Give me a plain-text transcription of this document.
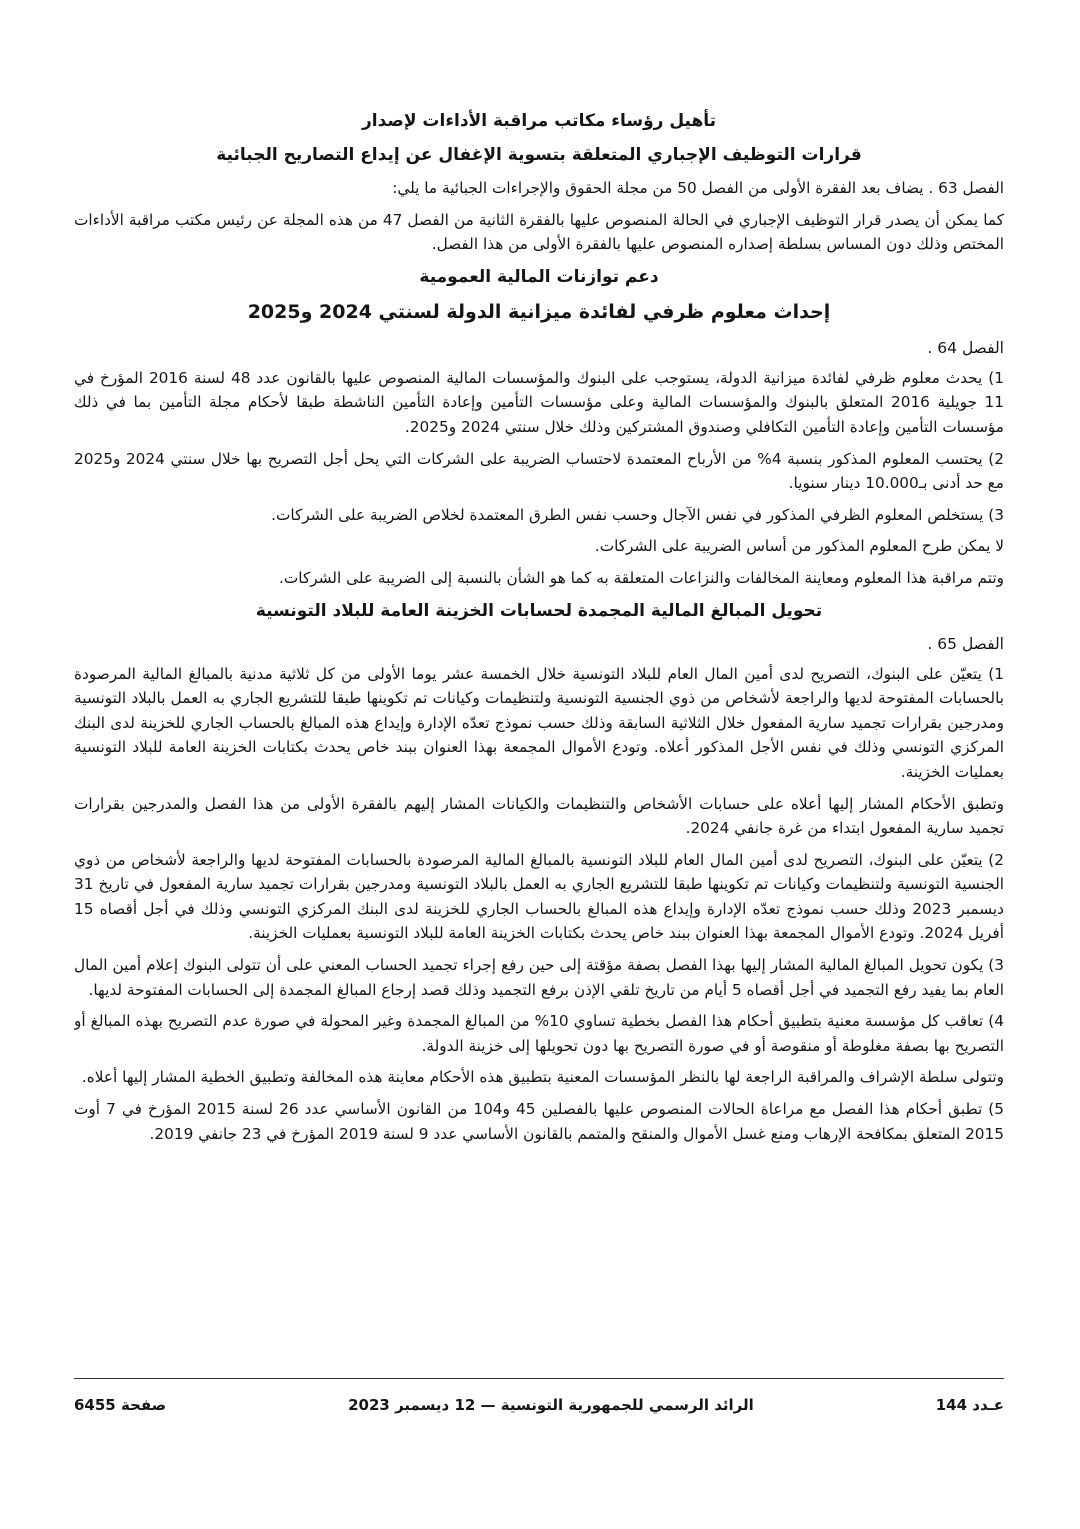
تأهيل رؤساء مكاتب مراقبة الأداءات لإصدار
قرارات التوظيف الإجباري المتعلقة بتسوية الإغفال عن إيداع التصاريح الجبائية

الفصل 63 . يضاف بعد الفقرة الأولى من الفصل 50 من مجلة الحقوق والإجراءات الجبائية ما يلي:

كما يمكن أن يصدر قرار التوظيف الإجباري في الحالة المنصوص عليها بالفقرة الثانية من الفصل 47 من هذه المجلة عن رئيس مكتب مراقبة الأداءات المختص وذلك دون المساس بسلطة إصداره المنصوص عليها بالفقرة الأولى من هذا الفصل.

دعم توازنات المالية العمومية
إحداث معلوم ظرفي لفائدة ميزانية الدولة لسنتي 2024 و2025
الفصل 64 .

1) يحدث معلوم ظرفي لفائدة ميزانية الدولة، يستوجب على البنوك والمؤسسات المالية المنصوص عليها بالقانون عدد 48 لسنة 2016 المؤرخ في 11 جويلية 2016 المتعلق بالبنوك والمؤسسات المالية وعلى مؤسسات التأمين وإعادة التأمين الناشطة طبقا لأحكام مجلة التأمين بما في ذلك مؤسسات التأمين وإعادة التأمين التكافلي وصندوق المشتركين وذلك خلال سنتي 2024 و2025.

2) يحتسب المعلوم المذكور بنسبة 4% من الأرباح المعتمدة لاحتساب الضريبة على الشركات التي يحل أجل التصريح بها خلال سنتي 2024 و2025 مع حد أدنى بـ10.000 دينار سنويا.

3) يستخلص المعلوم الظرفي المذكور في نفس الآجال وحسب نفس الطرق المعتمدة لخلاص الضريبة على الشركات.

لا يمكن طرح المعلوم المذكور من أساس الضريبة على الشركات.

وتتم مراقبة هذا المعلوم ومعاينة المخالفات والنزاعات المتعلقة به كما هو الشأن بالنسبة إلى الضريبة على الشركات.

تحويل المبالغ المالية المجمدة لحسابات الخزينة العامة للبلاد التونسية
الفصل 65 .

1) يتعيّن على البنوك، التصريح لدى أمين المال العام للبلاد التونسية خلال الخمسة عشر يوما الأولى من كل ثلاثية مدنية بالمبالغ المالية المرصودة بالحسابات المفتوحة لديها والراجعة لأشخاص من ذوي الجنسية التونسية ولتنظيمات وكيانات تم تكوينها طبقا للتشريع الجاري به العمل بالبلاد التونسية ومدرجين بقرارات تجميد سارية المفعول خلال الثلاثية السابقة وذلك حسب نموذج تعدّه الإدارة وإيداع هذه المبالغ بالحساب الجاري للخزينة لدى البنك المركزي التونسي وذلك في نفس الأجل المذكور أعلاه. وتودع الأموال المجمعة بهذا العنوان ببند خاص يحدث بكتابات الخزينة العامة للبلاد التونسية بعمليات الخزينة.

وتطبق الأحكام المشار إليها أعلاه على حسابات الأشخاص والتنظيمات والكيانات المشار إليهم بالفقرة الأولى من هذا الفصل والمدرجين بقرارات تجميد سارية المفعول ابتداء من غرة جانفي 2024.

2) يتعيّن على البنوك، التصريح لدى أمين المال العام للبلاد التونسية بالمبالغ المالية المرصودة بالحسابات المفتوحة لديها والراجعة لأشخاص من ذوي الجنسية التونسية ولتنظيمات وكيانات تم تكوينها طبقا للتشريع الجاري به العمل بالبلاد التونسية ومدرجين بقرارات تجميد سارية المفعول في تاريخ 31 ديسمبر 2023 وذلك حسب نموذج تعدّه الإدارة وإيداع هذه المبالغ بالحساب الجاري للخزينة لدى البنك المركزي التونسي وذلك في أجل أقصاه 15 أفريل 2024. وتودع الأموال المجمعة بهذا العنوان ببند خاص يحدث بكتابات الخزينة العامة للبلاد التونسية بعمليات الخزينة.

3) يكون تحويل المبالغ المالية المشار إليها بهذا الفصل بصفة مؤقتة إلى حين رفع إجراء تجميد الحساب المعني على أن تتولى البنوك إعلام أمين المال العام بما يفيد رفع التجميد في أجل أقصاه 5 أيام من تاريخ تلقي الإذن برفع التجميد وذلك قصد إرجاع المبالغ المجمدة إلى الحسابات المفتوحة لديها.

4) تعاقب كل مؤسسة معنية بتطبيق أحكام هذا الفصل بخطية تساوي 10% من المبالغ المجمدة وغير المحولة في صورة عدم التصريح بهذه المبالغ أو التصريح بها بصفة مغلوطة أو منقوصة أو في صورة التصريح بها دون تحويلها إلى خزينة الدولة.

وتتولى سلطة الإشراف والمراقبة الراجعة لها بالنظر المؤسسات المعنية بتطبيق هذه الأحكام معاينة هذه المخالفة وتطبيق الخطية المشار إليها أعلاه.

5) تطبق أحكام هذا الفصل مع مراعاة الحالات المنصوص عليها بالفصلين 45 و104 من القانون الأساسي عدد 26 لسنة 2015 المؤرخ في 7 أوت 2015 المتعلق بمكافحة الإرهاب ومنع غسل الأموال والمنقح والمتمم بالقانون الأساسي عدد 9 لسنة 2019 المؤرخ في 23 جانفي 2019.

عـدد 144
الرائد الرسمي للجمهورية التونسية — 12 ديسمبر 2023
صفحة 6455
